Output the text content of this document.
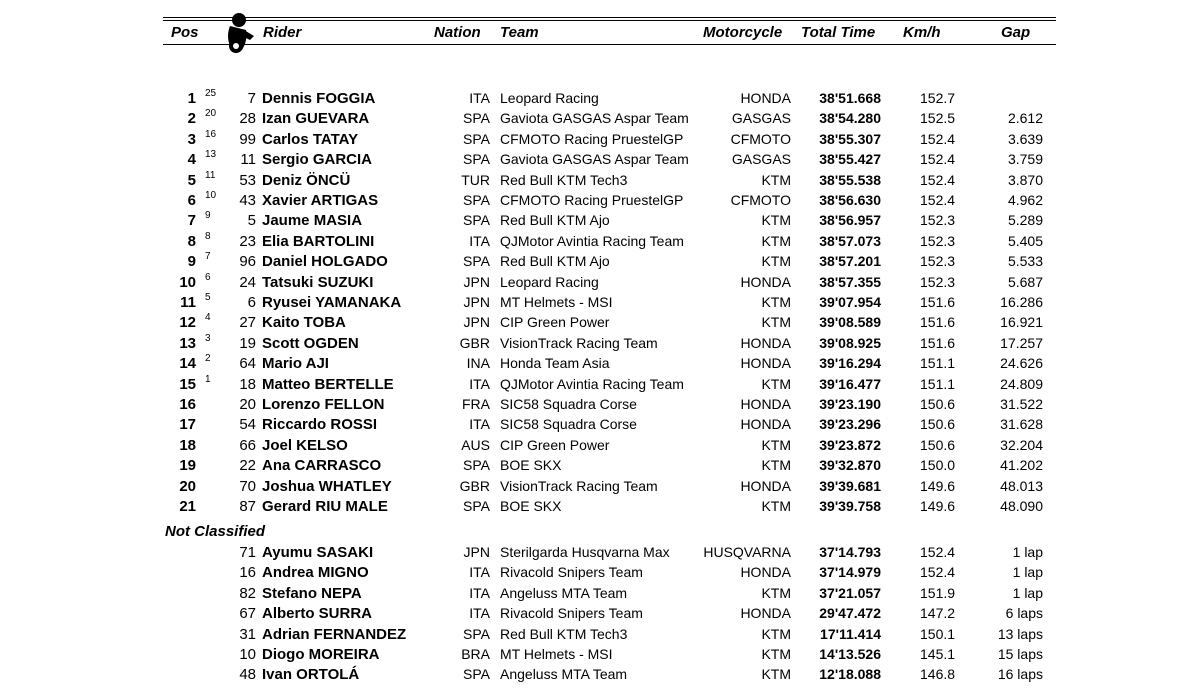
Pos	Rider	Nation Team	Motorcycle Total Time Km/h	Gap
1 25	7 Dennis FOGGIA	ITA Leopard Racing	HONDA	38'51.668	152.7
2 20	28 Izan GUEVARA	SPA Gaviota GASGAS Aspar Team	GASGAS	38'54.280	152.5	2.612
3 16	99 Carlos TATAY	SPA CFMOTO Racing PruestelGP	CFMOTO	38'55.307	152.4	3.639
4 13	11 Sergio GARCIA	SPA Gaviota GASGAS Aspar Team	GASGAS	38'55.427	152.4	3.759
5 11	53 Deniz ÖNCÜ	TUR Red Bull KTM Tech3	KTM	38'55.538	152.4	3.870
6 10	43 Xavier ARTIGAS	SPA CFMOTO Racing PruestelGP	CFMOTO	38'56.630	152.4	4.962
7 9	5 Jaume MASIA	SPA Red Bull KTM Ajo	KTM	38'56.957	152.3	5.289
8 8	23 Elia BARTOLINI	ITA QJMotor Avintia Racing Team	KTM	38'57.073	152.3	5.405
9 7	96 Daniel HOLGADO	SPA Red Bull KTM Ajo	KTM	38'57.201	152.3	5.533
10 6	24 Tatsuki SUZUKI	JPN Leopard Racing	HONDA	38'57.355	152.3	5.687
11 5	6 Ryusei YAMANAKA	JPN MT Helmets - MSI	KTM	39'07.954	151.6	16.286
12 4	27 Kaito TOBA	JPN CIP Green Power	KTM	39'08.589	151.6	16.921
13 3	19 Scott OGDEN	GBR VisionTrack Racing Team	HONDA	39'08.925	151.6	17.257
14 2	64 Mario AJI	INA Honda Team Asia	HONDA	39'16.294	151.1	24.626
15 1	18 Matteo BERTELLE	ITA QJMotor Avintia Racing Team	KTM	39'16.477	151.1	24.809
16	20 Lorenzo FELLON	FRA SIC58 Squadra Corse	HONDA	39'23.190	150.6	31.522
17	54 Riccardo ROSSI	ITA SIC58 Squadra Corse	HONDA	39'23.296	150.6	31.628
18	66 Joel KELSO	AUS CIP Green Power	KTM	39'23.872	150.6	32.204
19	22 Ana CARRASCO	SPA BOE SKX	KTM	39'32.870	150.0	41.202
20	70 Joshua WHATLEY	GBR VisionTrack Racing Team	HONDA	39'39.681	149.6	48.013
21	87 Gerard RIU MALE	SPA BOE SKX	KTM	39'39.758	149.6	48.090
Not Classified
71 Ayumu SASAKI	JPN Sterilgarda Husqvarna Max	HUSQVARNA	37'14.793	152.4	1 lap
16 Andrea MIGNO	ITA Rivacold Snipers Team	HONDA	37'14.979	152.4	1 lap
82 Stefano NEPA	ITA Angeluss MTA Team	KTM	37'21.057	151.9	1 lap
67 Alberto SURRA	ITA Rivacold Snipers Team	HONDA	29'47.472	147.2	6 laps
31 Adrian FERNANDEZ	SPA Red Bull KTM Tech3	KTM	17'11.414	150.1	13 laps
10 Diogo MOREIRA	BRA MT Helmets - MSI	KTM	14'13.526	145.1	15 laps
48 Ivan ORTOLÁ	SPA Angeluss MTA Team	KTM	12'18.088	146.8	16 laps
